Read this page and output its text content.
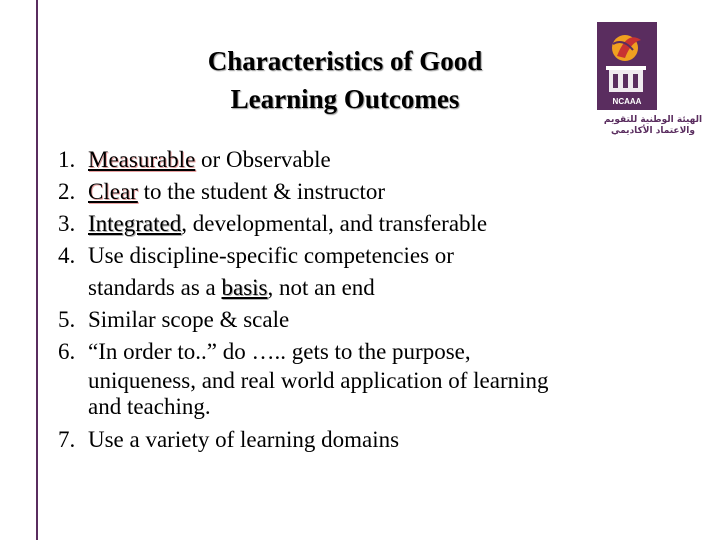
NCAAA
الهيئة الوطنية للتقويم
والاعتماد الأكاديمي
Characteristics of Good
Learning Outcomes
1. Measurable or Observable
2. Clear to the student & instructor
3. Integrated, developmental, and transferable
4. Use discipline-specific competencies or
standards as a basis, not an end
5. Similar scope & scale
6. “In order to..” do ….. gets to the purpose,
uniqueness, and real world application of learning
and teaching.
7. Use a variety of learning domains
